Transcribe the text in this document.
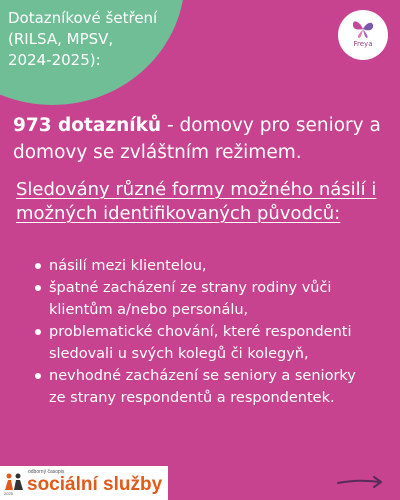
Dotazníkové šetření (RILSA, MPSV, 2024-2025):
Freya
973 dotazníků - domovy pro seniory a domovy se zvláštním režimem.
Sledovány různé formy možného násilí i možných identifikovaných původců:
násilí mezi klientelou,
špatné zacházení ze strany rodiny vůči klientům a/nebo personálu,
problematické chování, které respondenti sledovali u svých kolegů či kolegyň,
nevhodné zacházení se seniory a seniorky ze strany respondentů a respondentek.
odborný časopis
sociální služby
2025
